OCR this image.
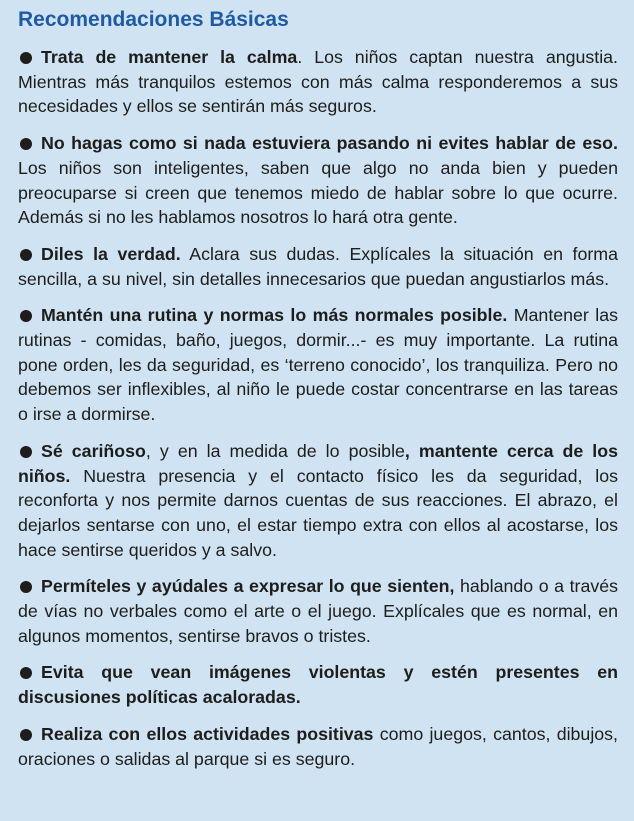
Recomendaciones Básicas

Trata de mantener la calma. Los niños captan nuestra angustia. Mientras más tranquilos estemos con más calma responderemos a sus necesidades y ellos se sentirán más seguros.

No hagas como si nada estuviera pasando ni evites hablar de eso. Los niños son inteligentes, saben que algo no anda bien y pueden preocuparse si creen que tenemos miedo de hablar sobre lo que ocurre. Además si no les hablamos nosotros lo hará otra gente.

Diles la verdad. Aclara sus dudas. Explícales la situación en forma sencilla, a su nivel, sin detalles innecesarios que puedan angustiarlos más.

Mantén una rutina y normas lo más normales posible. Mantener las rutinas - comidas, baño, juegos, dormir...- es muy importante. La rutina pone orden, les da seguridad, es ‘terreno conocido’, los tranquiliza. Pero no debemos ser inflexibles, al niño le puede costar concentrarse en las tareas o irse a dormirse.

Sé cariñoso, y en la medida de lo posible, mantente cerca de los niños. Nuestra presencia y el contacto físico les da seguridad, los reconforta y nos permite darnos cuentas de sus reacciones. El abrazo, el dejarlos sentarse con uno, el estar tiempo extra con ellos al acostarse, los hace sentirse queridos y a salvo.

Permíteles y ayúdales a expresar lo que sienten, hablando o a través de vías no verbales como el arte o el juego. Explícales que es normal, en algunos momentos, sentirse bravos o tristes.

Evita que vean imágenes violentas y estén presentes en discusiones políticas acaloradas.

Realiza con ellos actividades positivas como juegos, cantos, dibujos, oraciones o salidas al parque si es seguro.
